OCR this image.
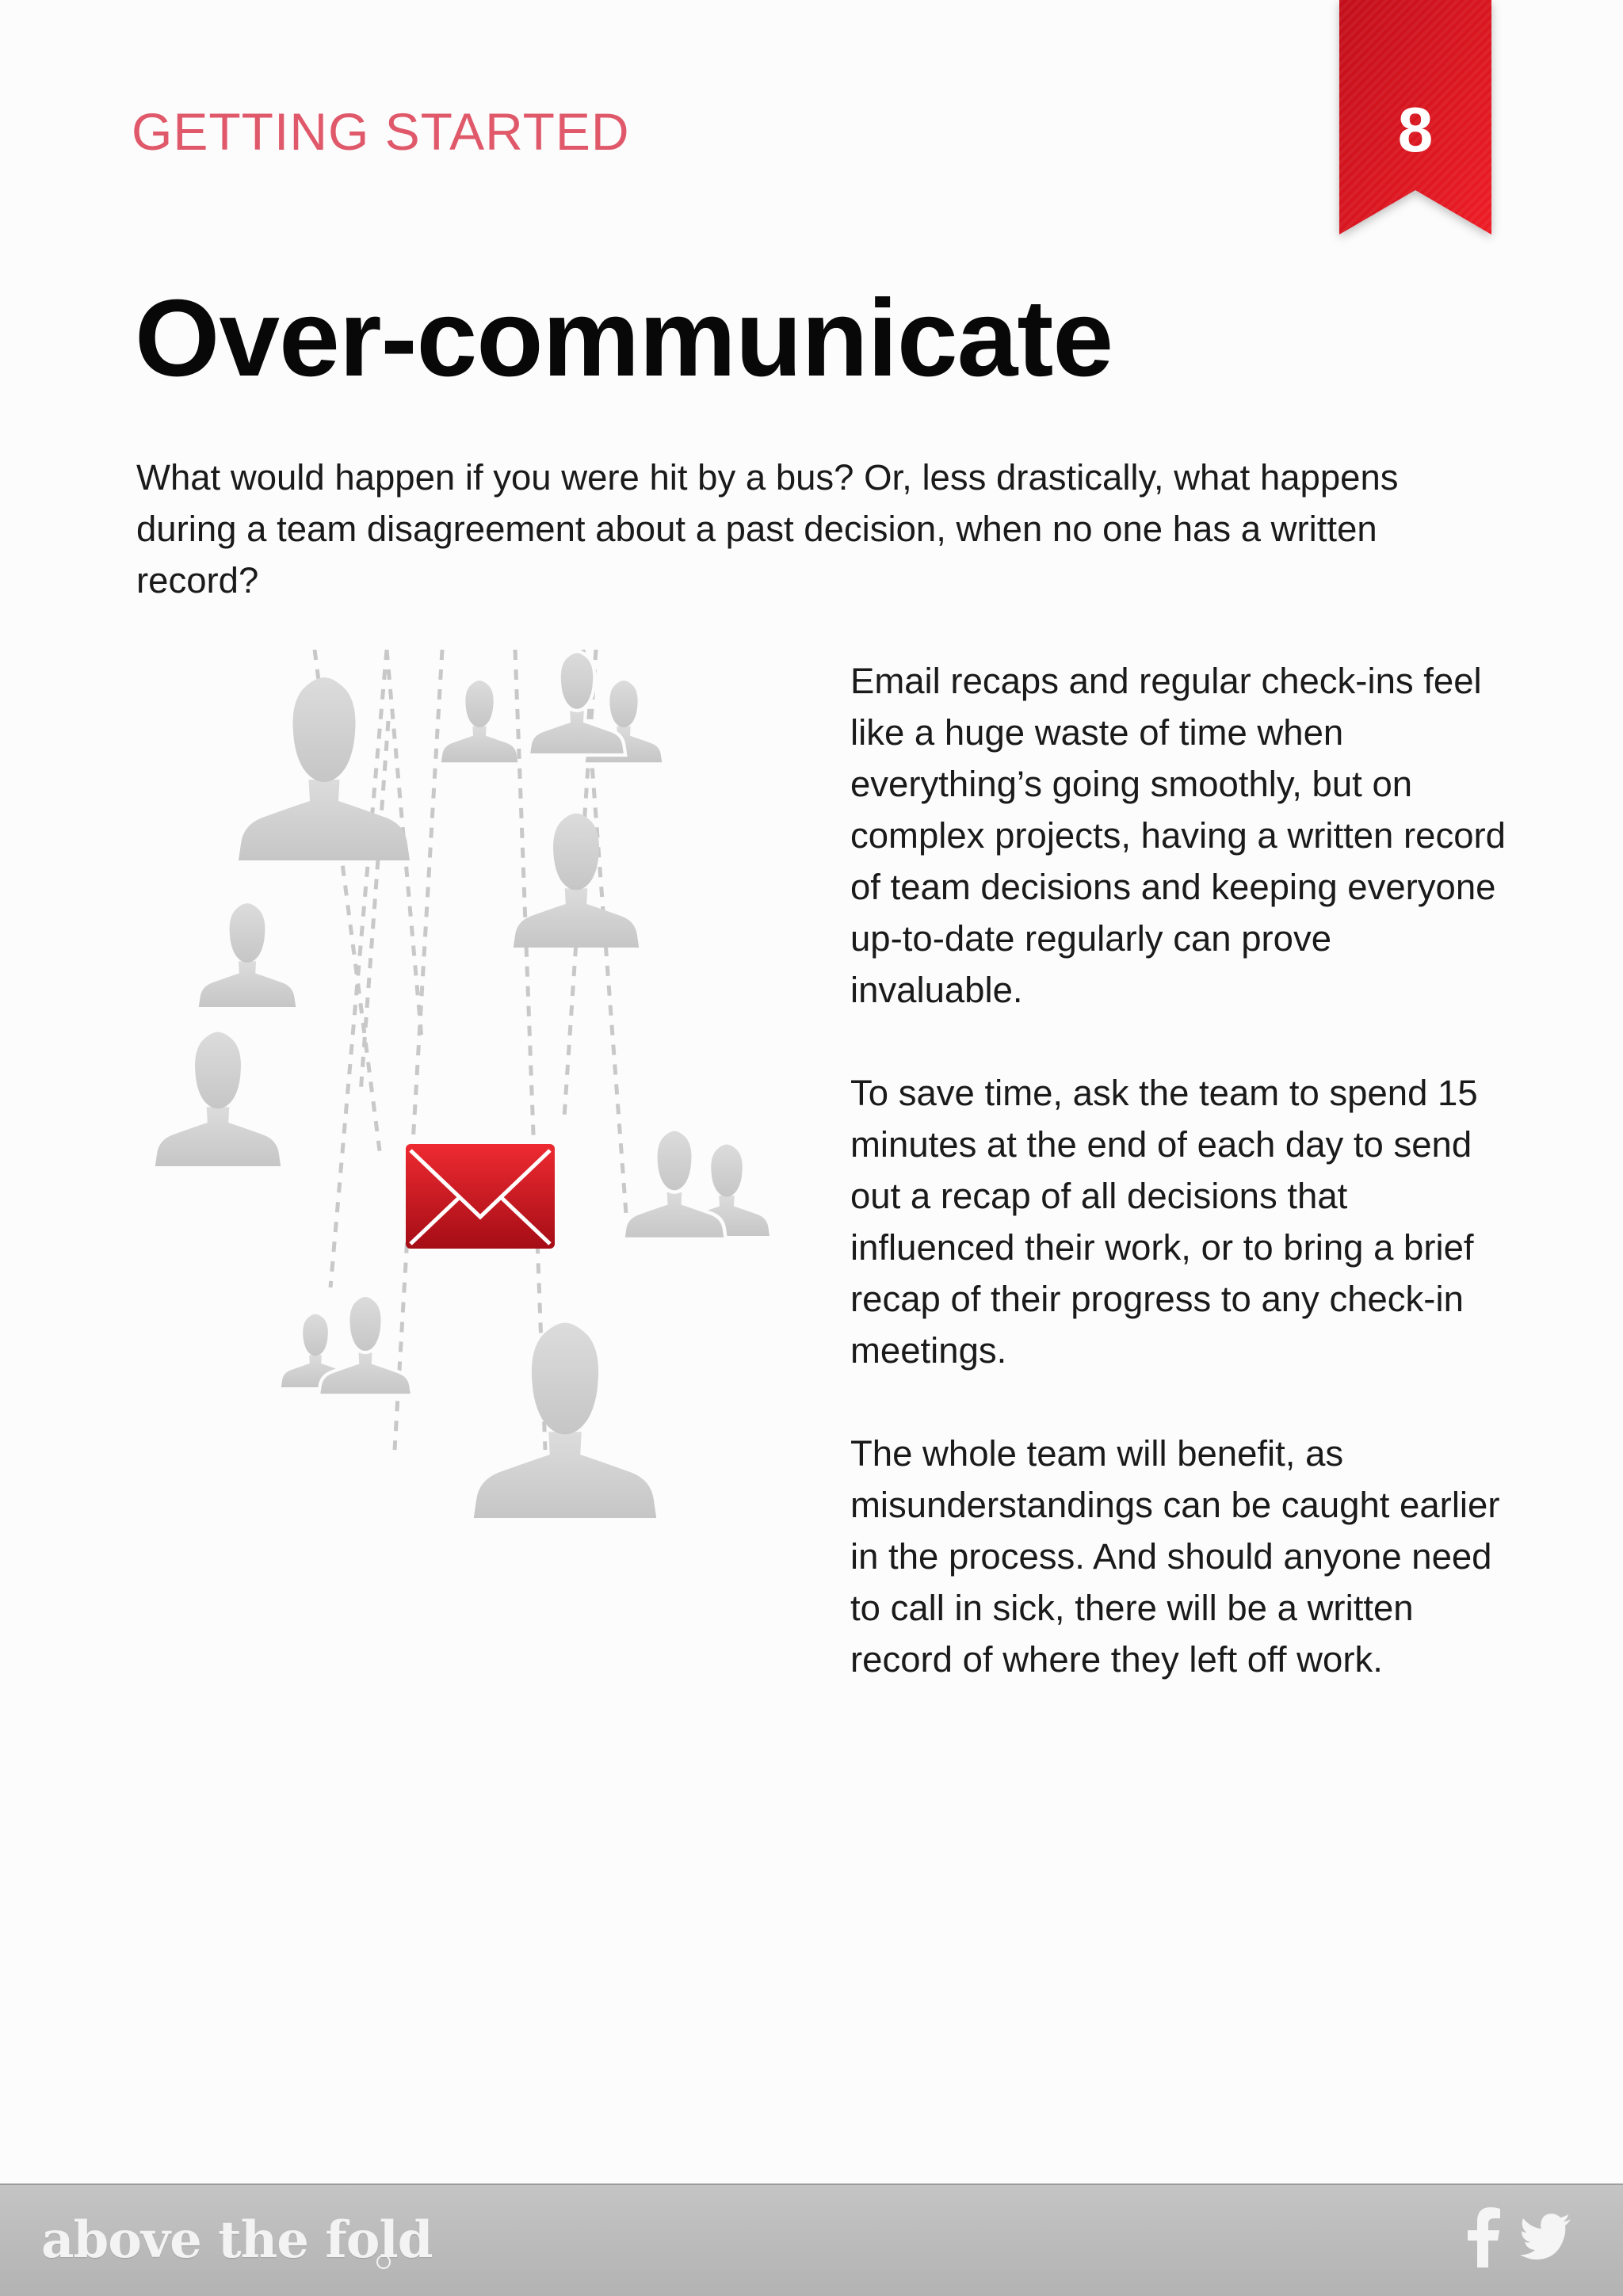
GETTING STARTED	8
Over-communicate

What would happen if you were hit by a bus? Or, less drastically, what happens during a team disagreement about a past decision, when no one has a written record?

Email recaps and regular check-ins feel like a huge waste of time when everything’s going smoothly, but on complex projects, having a written record of team decisions and keeping everyone up-to-date regularly can prove invaluable.

To save time, ask the team to spend 15 minutes at the end of each day to send out a recap of all decisions that influenced their work, or to bring a brief recap of their progress to any check-in meetings.

The whole team will benefit, as misunderstandings can be caught earlier in the process. And should anyone need to call in sick, there will be a written record of where they left off work.

above the fold
